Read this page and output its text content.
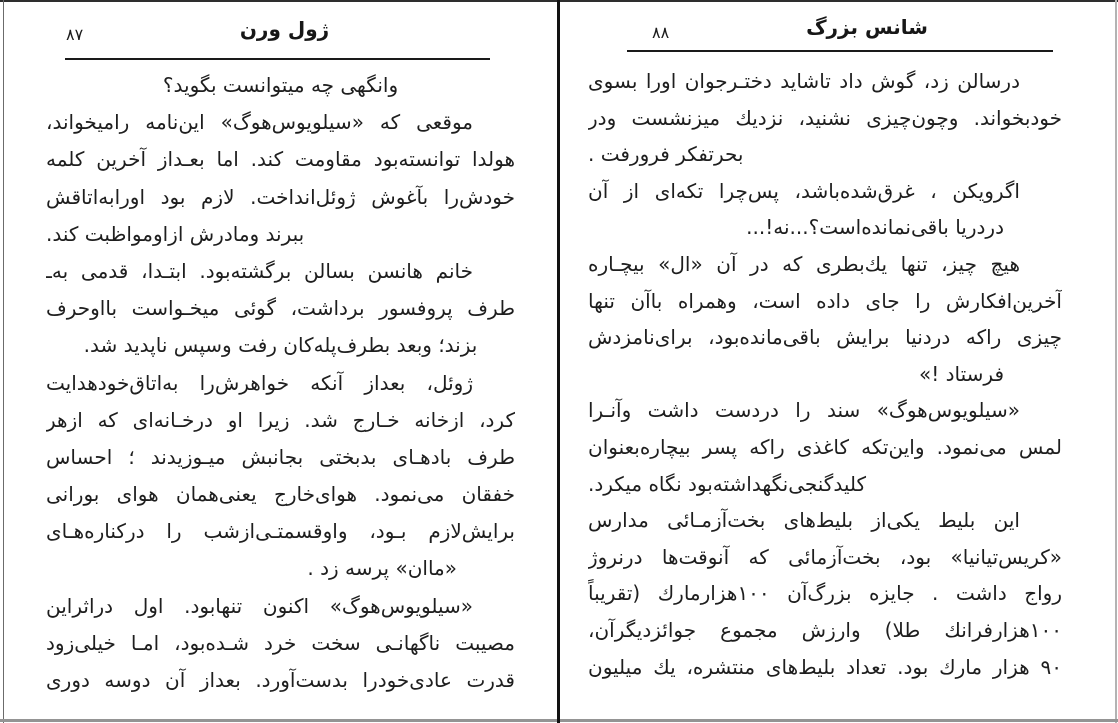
۸۷	ژول ورن
وانگهی چه میتوانست بگوید؟
موقعی که «سیلویوس‌هوگ» این‌نامه رامیخواند،
هولدا توانسته‌بود مقاومت کند. اما بعـداز آخرین کلمه
خودش‌را بآغوش ژوئل‌انداخت. لازم بود اورابه‌اتاقش
ببرند ومادرش ازاومواظبت کند.
خانم هانسن بسالن برگشته‌بود. ابتـدا، قدمی به‌ـ
طرف پروفسور برداشت، گوئی میخـواست بااوحرف
بزند؛ وبعد بطرف‌پله‌کان رفت وسپس ناپدید شد.
ژوئل، بعداز آنکه خواهرش‌را به‌اتاق‌خودهدایت
کرد، ازخانه خـارج شد. زیرا او درخـانه‌ای که ازهر
طرف بادهـای بدبختی بجانبش میـوزیدند ؛ احساس
خفقان می‌نمود. هوای‌خارج یعنی‌همان هوای بورانی
برایش‌لازم بـود، واوقسمتـی‌ازشب را درکناره‌هـای
«ماان» پرسه زد .
«سیلویوس‌هوگ» اکنون تنهابود. اول دراثراین
مصیبت ناگهانـی سخت خرد شـده‌بود، امـا خیلی‌زود
قدرت عادی‌خودرا بدست‌آورد. بعداز آن دوسه دوری
۸۸	شانس بزرگ
درسالن زد، گوش داد تاشاید دختـرجوان اورا بسوی
خودبخواند. وچون‌چیزی نشنید، نزدیك میزنشست ودر
بحرتفکر فرورفت .
اگرویکن ، غرق‌شده‌باشد، پس‌چرا تکه‌ای از آن
دردریا باقی‌نمانده‌است؟...نه!...
هیچ چیز، تنها یك‌بطری که در آن «ال» بیچـاره
آخرین‌افکارش را جای داده است، وهمراه باآن تنها
چیزی راکه دردنیا برایش باقی‌مانده‌بود، برای‌نامزدش
فرستاد !»
«سیلویوس‌هوگ» سند را دردست داشت وآنـرا
لمس می‌نمود. واین‌تکه کاغذی راکه پسر بیچاره‌بعنوان
کلیدگنجی‌نگهداشته‌بود نگاه میکرد.
این بلیط یکی‌از بلیط‌های بخت‌آزمـائی مدارس
«کریس‌تیانیا» بود، بخت‌آزمائی که آنوقت‌ها درنروژ
رواج داشت . جایزه بزرگ‌آن ۱۰۰هزارمارك (تقریباً
۱۰۰هزارفرانك طلا) وارزش مجموع جوائزدیگرآن،
۹۰ هزار مارك بود. تعداد بلیط‌های منتشره، یك میلیون
